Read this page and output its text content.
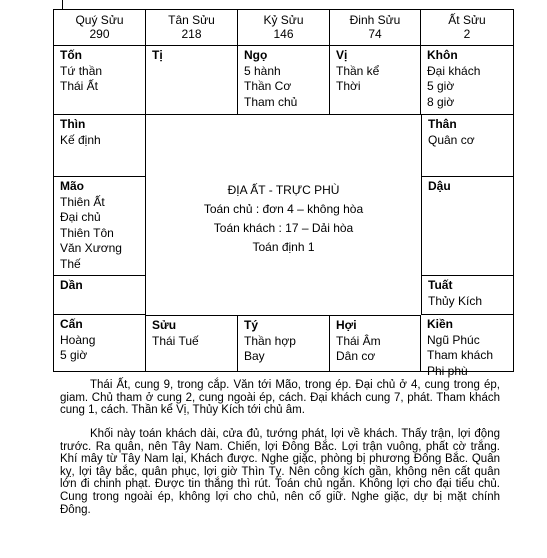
Quý Sửu
290
Tân Sửu
218
Kỷ Sửu
146
Đinh Sửu
74
Ất Sửu
2
Tốn
Tứ thần
Thái Ất
Tị	Ngọ
5 hành
Thần Cơ
Tham chủ
Vị
Thần kể
Thời
Khôn
Đại khách
5 giờ
8 giờ
Thìn
Kế định
Mão
Thiên Ất
Đại chủ
Thiên Tôn
Văn Xương
Thế
Dần
Thân
Quân cơ
Dậu
Tuất
Thủy Kích
ĐỊA ẤT - TRỰC PHÙ
Toán chủ : đơn 4 – không hòa
Toán khách : 17 – Dải hòa
Toán định 1
Cấn
Hoàng
5 giờ
Sửu
Thái Tuế
Tý
Thần hợp
Bay
Hợi
Thái Âm
Dân cơ
Kiền
Ngũ Phúc
Tham khách
Phi phù
Thái Ất, cung 9, trong cắp. Văn tới Mão, trong ép. Đại chủ ở 4, cung trong ép, giam. Chủ tham ở cung 2, cung ngoài ép, cách. Đại khách cung 7, phát. Tham khách cung 1, cách. Thần kể Vị, Thủy Kích tới chủ âm.
Khối này toán khách dài, cửa đủ, tướng phát, lợi về khách. Thấy trận, lợi động trước. Ra quân, nên Tây Nam. Chiến, lợi Đông Bắc. Lợi trận vuông, phất cờ trắng. Khí mây từ Tây Nam lại, Khách được. Nghe giặc, phòng bị phương Đông Bắc. Quân kỵ, lợi tây bắc, quân phục, lợi giờ Thìn Tỵ. Nên công kích gần, không nên cất quân lớn đi chinh phạt. Được tin thắng thì rút. Toán chủ ngắn. Không lợi cho đại tiểu chủ. Cung trong ngoài ép, không lợi cho chủ, nên cố giữ. Nghe giặc, dự bị mặt chính Đông.
